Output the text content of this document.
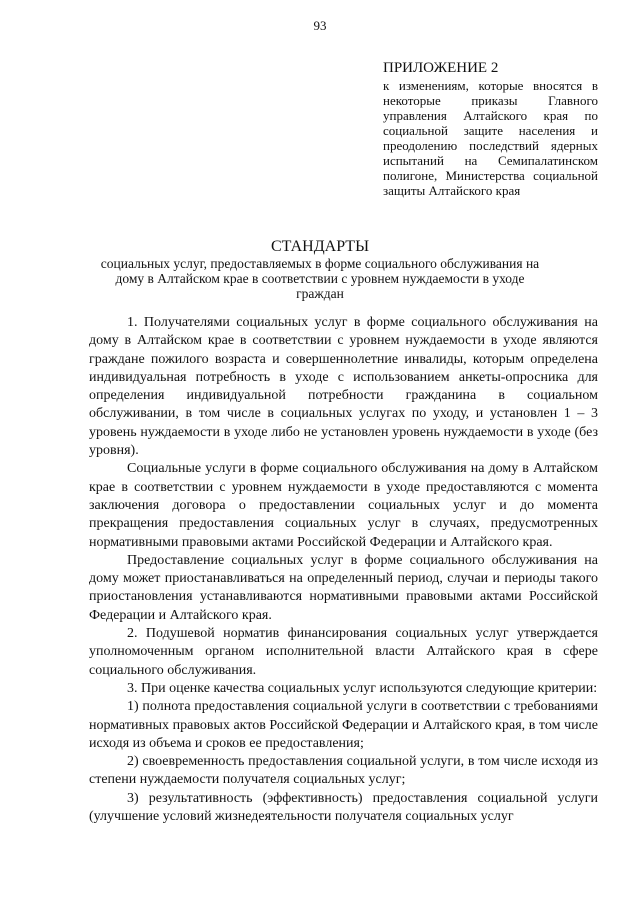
93
ПРИЛОЖЕНИЕ 2
к изменениям, которые вносятся в некоторые приказы Главного управления Алтайского края по социальной защите населения и преодолению последствий ядерных испытаний на Семипалатинском полигоне, Министерства социальной защиты Алтайского края
СТАНДАРТЫ
социальных услуг, предоставляемых в форме социального обслуживания на дому в Алтайском крае в соответствии с уровнем нуждаемости в уходе граждан

1. Получателями социальных услуг в форме социального обслуживания на дому в Алтайском крае в соответствии с уровнем нуждаемости в уходе являются граждане пожилого возраста и совершеннолетние инвалиды, которым определена индивидуальная потребность в уходе с использованием анкеты-опросника для определения индивидуальной потребности гражданина в социальном обслуживании, в том числе в социальных услугах по уходу, и установлен 1 – 3 уровень нуждаемости в уходе либо не установлен уровень нуждаемости в уходе (без уровня).

Социальные услуги в форме социального обслуживания на дому в Алтайском крае в соответствии с уровнем нуждаемости в уходе предоставляются с момента заключения договора о предоставлении социальных услуг и до момента прекращения предоставления социальных услуг в случаях, предусмотренных нормативными правовыми актами Российской Федерации и Алтайского края.

Предоставление социальных услуг в форме социального обслуживания на дому может приостанавливаться на определенный период, случаи и периоды такого приостановления устанавливаются нормативными правовыми актами Российской Федерации и Алтайского края.

2. Подушевой норматив финансирования социальных услуг утверждается уполномоченным органом исполнительной власти Алтайского края в сфере социального обслуживания.

3. При оценке качества социальных услуг используются следующие критерии:

1) полнота предоставления социальной услуги в соответствии с требованиями нормативных правовых актов Российской Федерации и Алтайского края, в том числе исходя из объема и сроков ее предоставления;

2) своевременность предоставления социальной услуги, в том числе исходя из степени нуждаемости получателя социальных услуг;

3) результативность (эффективность) предоставления социальной услуги (улучшение условий жизнедеятельности получателя социальных услуг
